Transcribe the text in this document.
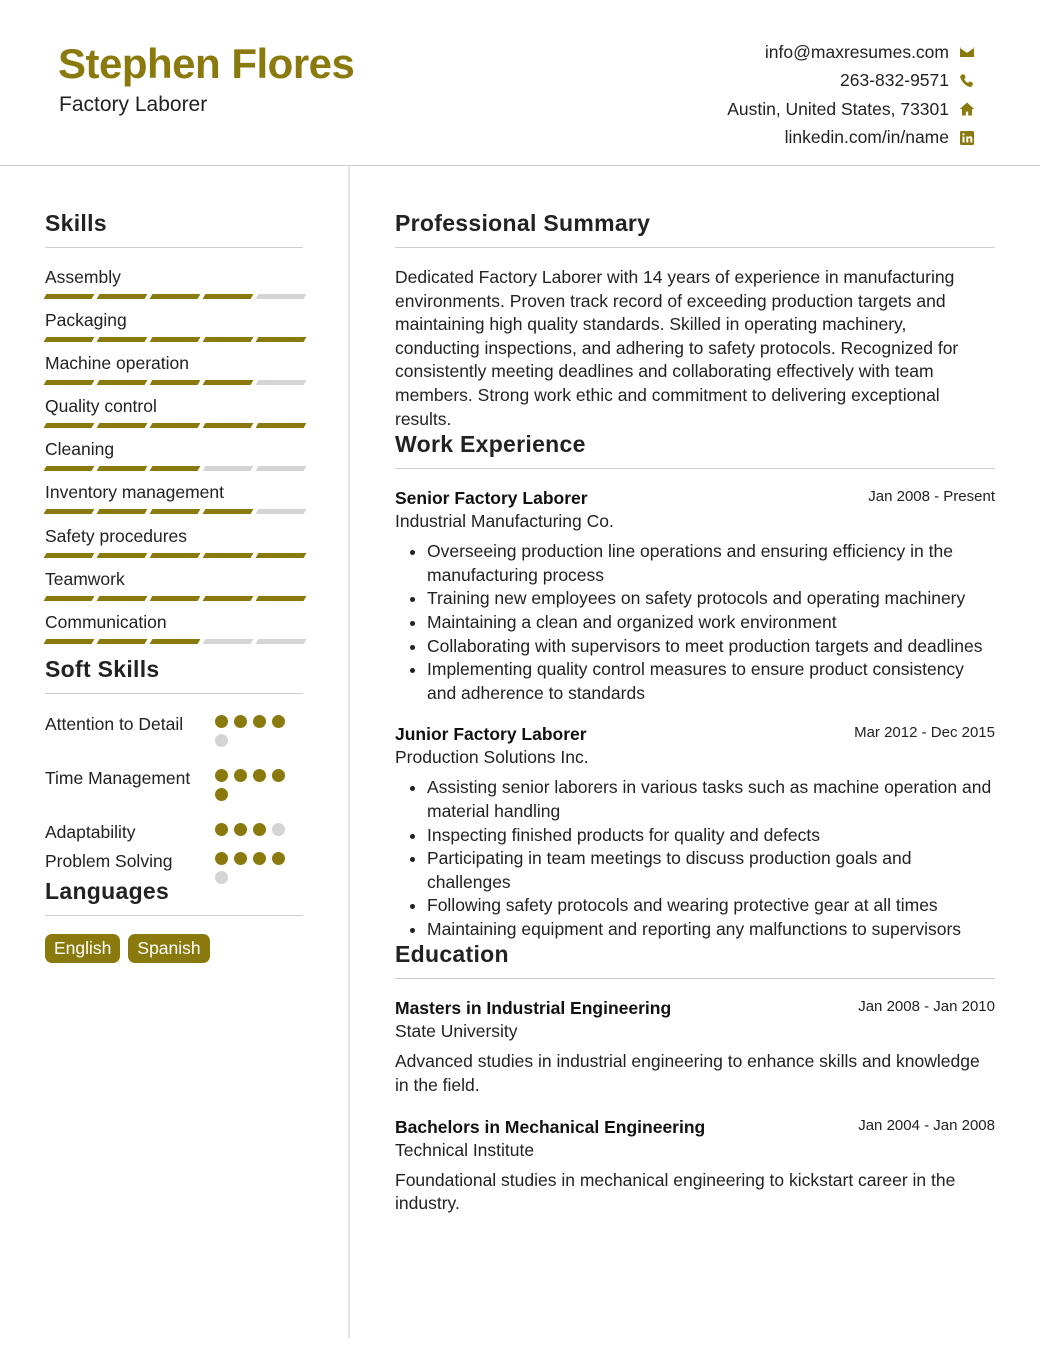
Stephen Flores
Factory Laborer
info@maxresumes.com
263-832-9571
Austin, United States, 73301
linkedin.com/in/name
Skills
Assembly
Packaging
Machine operation
Quality control
Cleaning
Inventory management
Safety procedures
Teamwork
Communication
Soft Skills
Attention to Detail
Time Management
Adaptability
Problem Solving
Languages
English	Spanish
Professional Summary
Dedicated Factory Laborer with 14 years of experience in manufacturing environments. Proven track record of exceeding production targets and maintaining high quality standards. Skilled in operating machinery, conducting inspections, and adhering to safety protocols. Recognized for consistently meeting deadlines and collaborating effectively with team members. Strong work ethic and commitment to delivering exceptional results.
Work Experience
Senior Factory Laborer	Jan 2008 - Present
Industrial Manufacturing Co.
• Overseeing production line operations and ensuring efficiency in the manufacturing process
• Training new employees on safety protocols and operating machinery
• Maintaining a clean and organized work environment
• Collaborating with supervisors to meet production targets and deadlines
• Implementing quality control measures to ensure product consistency and adherence to standards
Junior Factory Laborer	Mar 2012 - Dec 2015
Production Solutions Inc.
• Assisting senior laborers in various tasks such as machine operation and material handling
• Inspecting finished products for quality and defects
• Participating in team meetings to discuss production goals and challenges
• Following safety protocols and wearing protective gear at all times
• Maintaining equipment and reporting any malfunctions to supervisors
Education
Masters in Industrial Engineering	Jan 2008 - Jan 2010
State University
Advanced studies in industrial engineering to enhance skills and knowledge in the field.
Bachelors in Mechanical Engineering	Jan 2004 - Jan 2008
Technical Institute
Foundational studies in mechanical engineering to kickstart career in the industry.
